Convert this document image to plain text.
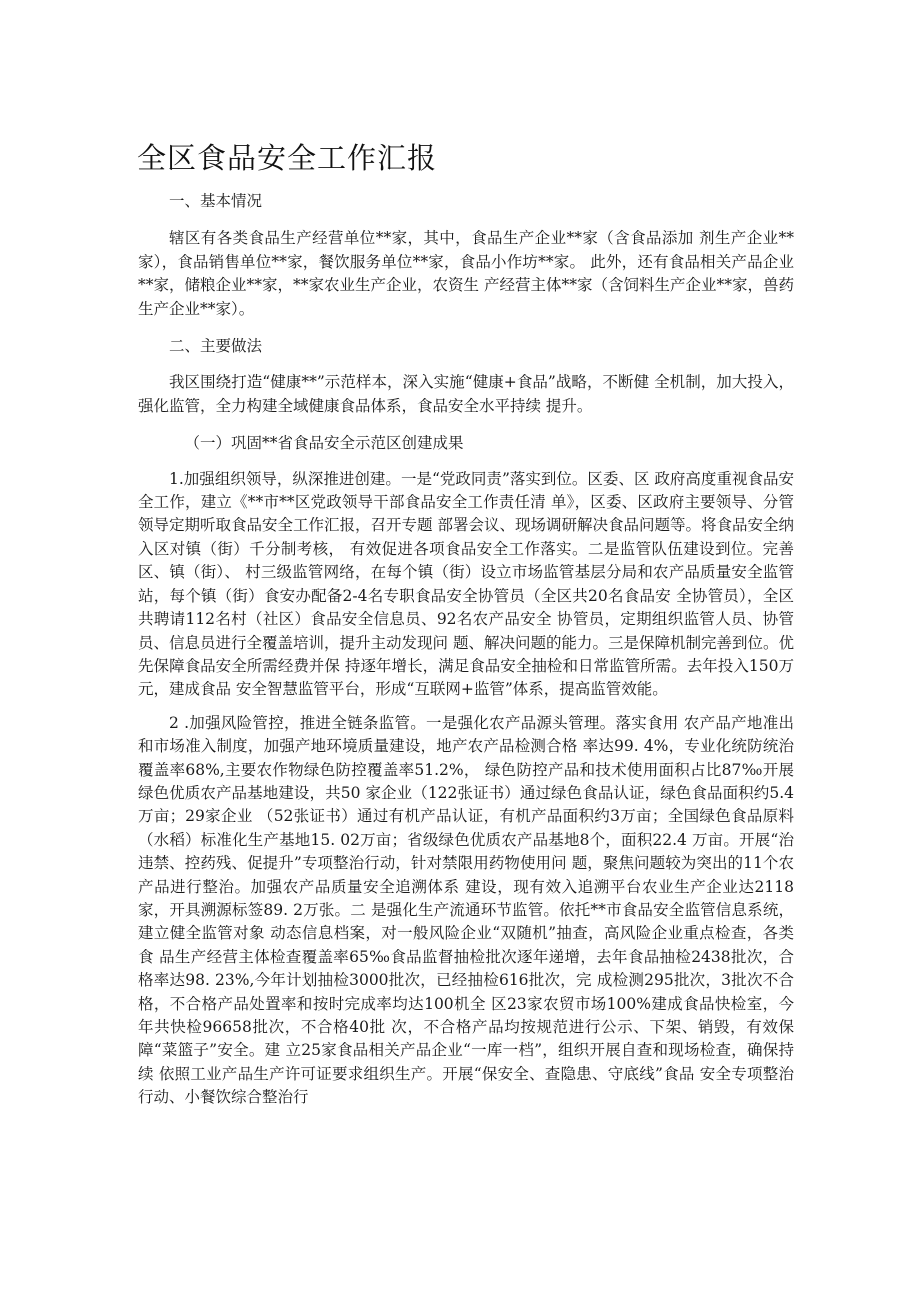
全区食品安全工作汇报

一、基本情况

辖区有各类食品生产经营单位**家，其中，食品生产企业**家（含食品添加 剂生产企业**家），食品销售单位**家，餐饮服务单位**家，食品小作坊**家。 此外，还有食品相关产品企业**家，储粮企业**家，**家农业生产企业，农资生 产经营主体**家（含饲料生产企业**家，兽药生产企业**家）。

二、主要做法

我区围绕打造“健康**”示范样本，深入实施“健康+食品”战略，不断健 全机制，加大投入，强化监管，全力构建全域健康食品体系，食品安全水平持续 提升。

（一）巩固**省食品安全示范区创建成果

1.加强组织领导，纵深推进创建。一是“党政同责”落实到位。区委、区 政府高度重视食品安全工作，建立《**市**区党政领导干部食品安全工作责任清 单》，区委、区政府主要领导、分管领导定期听取食品安全工作汇报，召开专题 部署会议、现场调研解决食品问题等。将食品安全纳入区对镇（街）千分制考核， 有效促进各项食品安全工作落实。二是监管队伍建设到位。完善区、镇（街）、 村三级监管网络，在每个镇（街）设立市场监管基层分局和农产品质量安全监管 站，每个镇（街）食安办配备2-4名专职食品安全协管员（全区共20名食品安 全协管员），全区共聘请112名村（社区）食品安全信息员、92名农产品安全 协管员，定期组织监管人员、协管员、信息员进行全覆盖培训，提升主动发现问 题、解决问题的能力。三是保障机制完善到位。优先保障食品安全所需经费并保 持逐年增长，满足食品安全抽检和日常监管所需。去年投入150万元，建成食品 安全智慧监管平台，形成“互联网+监管”体系，提高监管效能。

2 .加强风险管控，推进全链条监管。一是强化农产品源头管理。落实食用 农产品产地准出和市场准入制度，加强产地环境质量建设，地产农产品检测合格 率达99. 4%，专业化统防统治覆盖率68%,主要农作物绿色防控覆盖率51.2%， 绿色防控产品和技术使用面积占比87‰开展绿色优质农产品基地建设，共50 家企业（122张证书）通过绿色食品认证，绿色食品面积约5.4万亩；29家企业 （52张证书）通过有机产品认证，有机产品面积约3万亩；全国绿色食品原料 （水稻）标准化生产基地15. 02万亩；省级绿色优质农产品基地8个，面积22.4 万亩。开展“治违禁、控药残、促提升”专项整治行动，针对禁限用药物使用问 题，聚焦问题较为突出的11个农产品进行整治。加强农产品质量安全追溯体系 建设，现有效入追溯平台农业生产企业达2118家，开具溯源标签89. 2万张。二 是强化生产流通环节监管。依托**市食品安全监管信息系统，建立健全监管对象 动态信息档案，对一般风险企业“双随机”抽查，高风险企业重点检查，各类食 品生产经营主体检查覆盖率65‰食品监督抽检批次逐年递增，去年食品抽检2438批次，合格率达98. 23%,今年计划抽检3000批次，已经抽检616批次，完 成检测295批次，3批次不合格，不合格产品处置率和按时完成率均达100机全 区23家农贸市场100%建成食品快检室，今年共快检96658批次，不合格40批 次，不合格产品均按规范进行公示、下架、销毁，有效保障“菜篮子”安全。建 立25家食品相关产品企业“一库一档”，组织开展自查和现场检查，确保持续 依照工业产品生产许可证要求组织生产。开展“保安全、查隐患、守底线”食品 安全专项整治行动、小餐饮综合整治行
